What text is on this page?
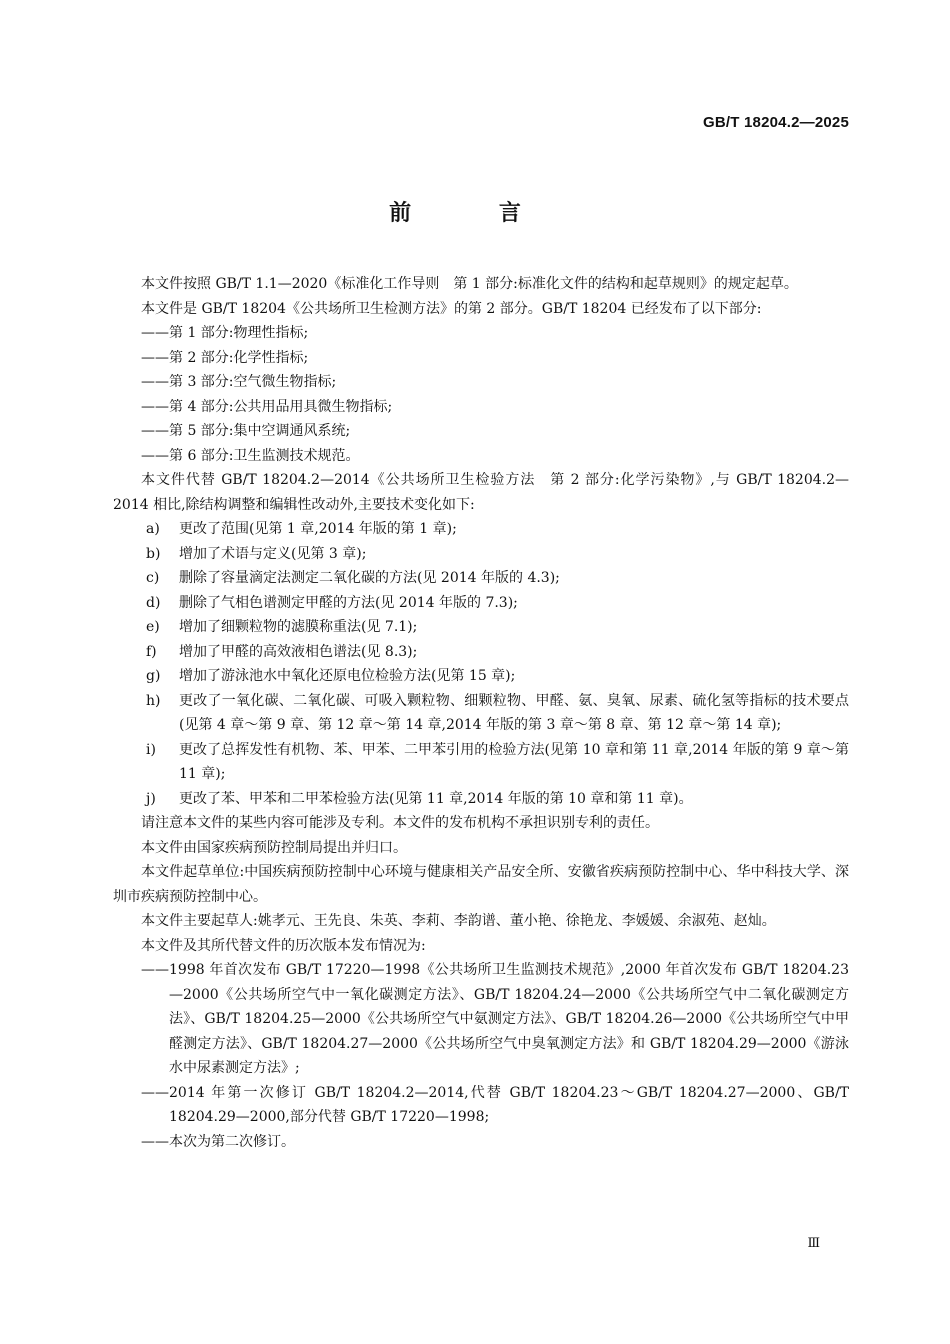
GB/T 18204.2—2025
前 言

本文件按照 GB/T 1.1—2020《标准化工作导则　第 1 部分:标准化文件的结构和起草规则》的规定起草。

本文件是 GB/T 18204《公共场所卫生检测方法》的第 2 部分。GB/T 18204 已经发布了以下部分:

——第 1 部分:物理性指标;

——第 2 部分:化学性指标;

——第 3 部分:空气微生物指标;

——第 4 部分:公共用品用具微生物指标;

——第 5 部分:集中空调通风系统;

——第 6 部分:卫生监测技术规范。

本文件代替 GB/T 18204.2—2014《公共场所卫生检验方法　第 2 部分:化学污染物》,与 GB/T 18204.2—2014 相比,除结构调整和编辑性改动外,主要技术变化如下:

a) 更改了范围(见第 1 章,2014 年版的第 1 章);
b) 增加了术语与定义(见第 3 章);
c) 删除了容量滴定法测定二氧化碳的方法(见 2014 年版的 4.3);
d) 删除了气相色谱测定甲醛的方法(见 2014 年版的 7.3);
e) 增加了细颗粒物的滤膜称重法(见 7.1);
f) 增加了甲醛的高效液相色谱法(见 8.3);
g) 增加了游泳池水中氧化还原电位检验方法(见第 15 章);
h) 更改了一氧化碳、二氧化碳、可吸入颗粒物、细颗粒物、甲醛、氨、臭氧、尿素、硫化氢等指标的技术要点(见第 4 章～第 9 章、第 12 章～第 14 章,2014 年版的第 3 章～第 8 章、第 12 章～第 14 章);
i) 更改了总挥发性有机物、苯、甲苯、二甲苯引用的检验方法(见第 10 章和第 11 章,2014 年版的第 9 章～第 11 章);
j) 更改了苯、甲苯和二甲苯检验方法(见第 11 章,2014 年版的第 10 章和第 11 章)。

请注意本文件的某些内容可能涉及专利。本文件的发布机构不承担识别专利的责任。

本文件由国家疾病预防控制局提出并归口。

本文件起草单位:中国疾病预防控制中心环境与健康相关产品安全所、安徽省疾病预防控制中心、华中科技大学、深圳市疾病预防控制中心。

本文件主要起草人:姚孝元、王先良、朱英、李莉、李韵谱、董小艳、徐艳龙、李媛媛、余淑苑、赵灿。

本文件及其所代替文件的历次版本发布情况为:

——1998 年首次发布 GB/T 17220—1998《公共场所卫生监测技术规范》,2000 年首次发布 GB/T 18204.23—2000《公共场所空气中一氧化碳测定方法》、GB/T 18204.24—2000《公共场所空气中二氧化碳测定方法》、GB/T 18204.25—2000《公共场所空气中氨测定方法》、GB/T 18204.26—2000《公共场所空气中甲醛测定方法》、GB/T 18204.27—2000《公共场所空气中臭氧测定方法》和 GB/T 18204.29—2000《游泳水中尿素测定方法》;

——2014 年第一次修订 GB/T 18204.2—2014,代替 GB/T 18204.23～GB/T 18204.27—2000、GB/T 18204.29—2000,部分代替 GB/T 17220—1998;

——本次为第二次修订。

Ⅲ
